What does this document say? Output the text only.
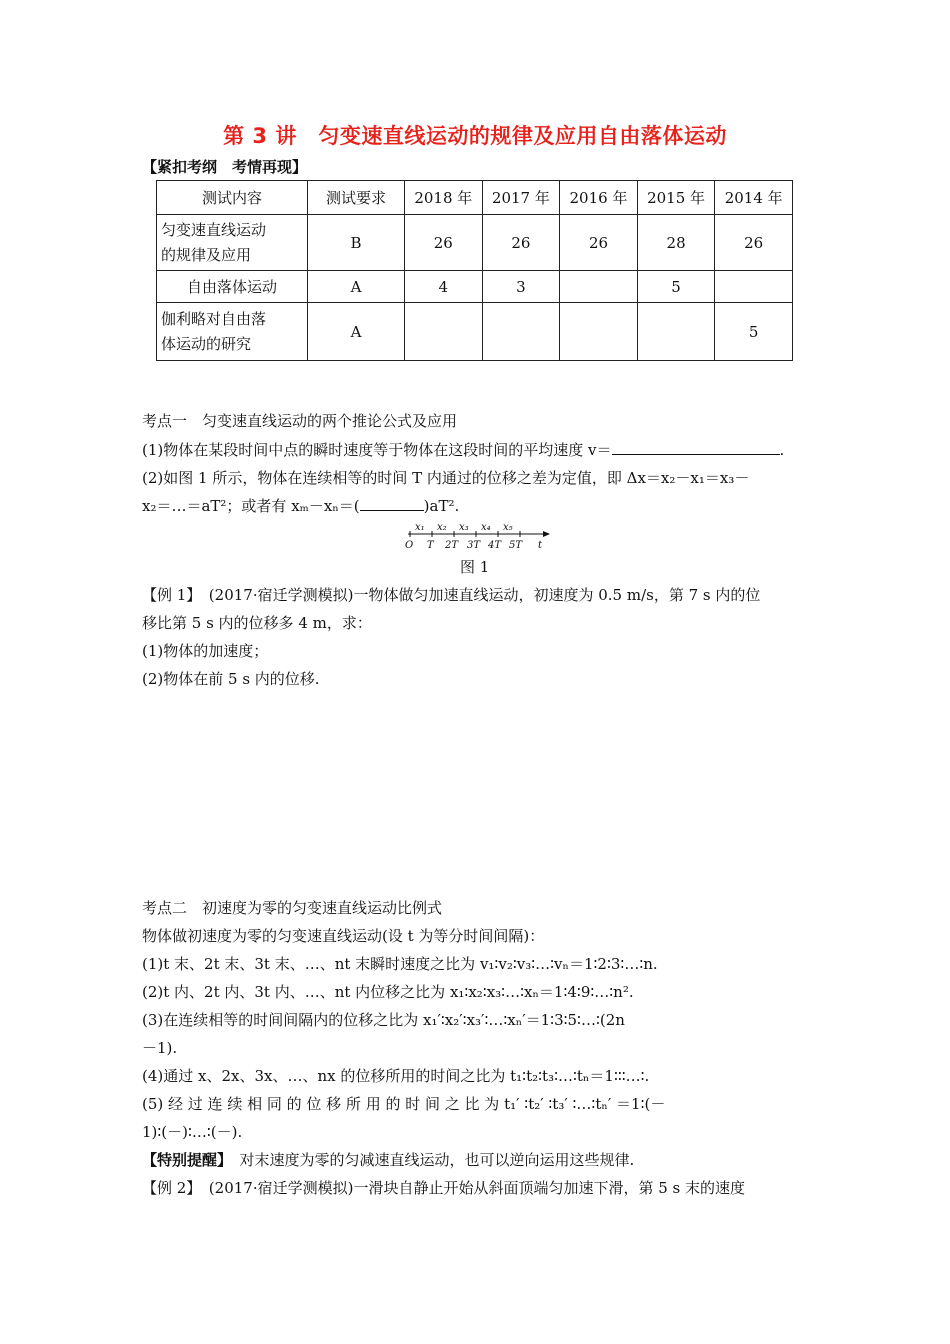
第 3 讲　匀变速直线运动的规律及应用自由落体运动
【紧扣考纲　考情再现】
测试内容	测试要求	2018 年	2017 年	2016 年	2015 年	2014 年
匀变速直线运动
的规律及应用	B	26	26	26	28	26
自由落体运动	A	4	3		5	
伽利略对自由落
体运动的研究	A					5
考点一　匀变速直线运动的两个推论公式及应用
(1)物体在某段时间中点的瞬时速度等于物体在这段时间的平均速度 v＝	.
(2)如图 1 所示，物体在连续相等的时间 T 内通过的位移之差为定值，即 Δx＝x₂－x₁＝x₃－
x₂＝…＝aT²；或者有 xₘ－xₙ＝(	)aT².
x₁ x₂ x₃ x₄ x₅
O T 2T 3T 4T 5T t
图 1
【例 1】　(2017·宿迁学测模拟)一物体做匀加速直线运动，初速度为 0.5 m/s，第 7 s 内的位
移比第 5 s 内的位移多 4 m，求：
(1)物体的加速度；
(2)物体在前 5 s 内的位移.
考点二　初速度为零的匀变速直线运动比例式
物体做初速度为零的匀变速直线运动(设 t 为等分时间间隔)：
(1)t 末、2t 末、3t 末、…、nt 末瞬时速度之比为 v₁∶v₂∶v₃∶…∶vₙ＝1∶2∶3∶…∶n.
(2)t 内、2t 内、3t 内、…、nt 内位移之比为 x₁∶x₂∶x₃∶…∶xₙ＝1∶4∶9∶…∶n².
(3)在连续相等的时间间隔内的位移之比为 x₁′∶x₂′∶x₃′∶…∶xₙ′＝1∶3∶5∶…∶(2n
－1).
(4)通过 x、2x、3x、…、nx 的位移所用的时间之比为 t₁∶t₂∶t₃∶…∶tₙ＝1∶∶∶…∶.
(5) 经 过 连 续 相 同 的 位 移 所 用 的 时 间 之 比 为 t₁′ ∶t₂′ ∶t₃′ ∶…∶tₙ′ ＝1∶(－
1)∶(－)∶…∶(－).
【特别提醒】　对末速度为零的匀减速直线运动，也可以逆向运用这些规律.
【例 2】　(2017·宿迁学测模拟)一滑块自静止开始从斜面顶端匀加速下滑，第 5 s 末的速度
